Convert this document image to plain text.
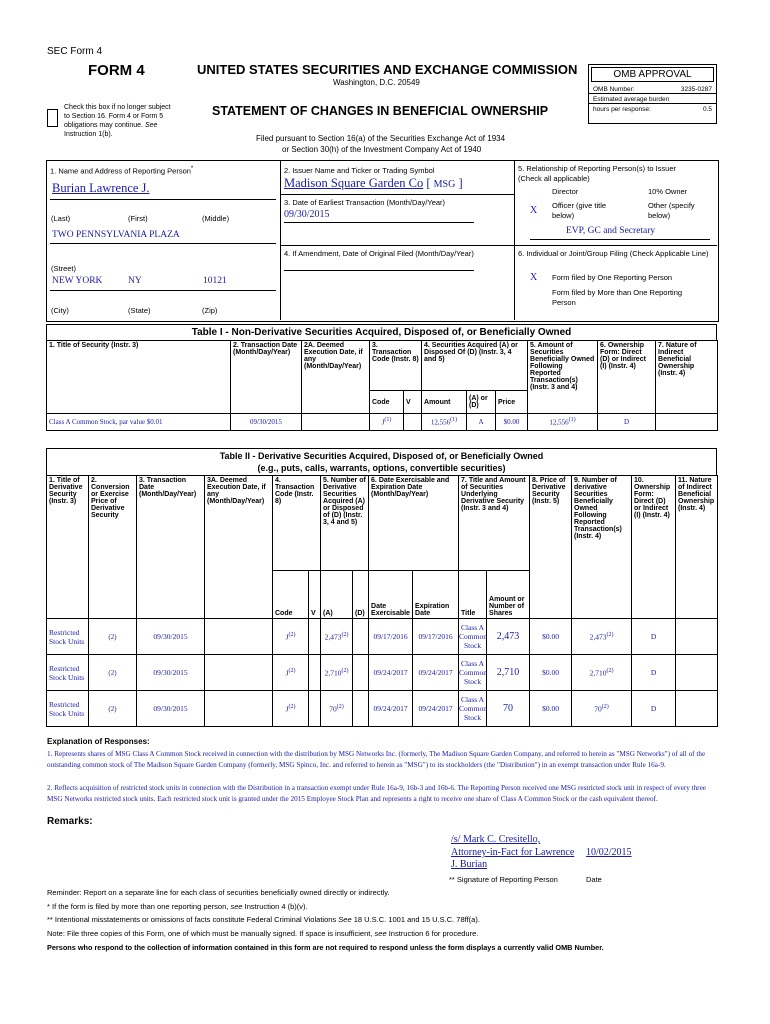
SEC Form 4
FORM 4	UNITED STATES SECURITIES AND EXCHANGE COMMISSION
Washington, D.C. 20549
Check this box if no longer subject
to Section 16. Form 4 or Form 5
obligations may continue. See
Instruction 1(b).
STATEMENT OF CHANGES IN BENEFICIAL OWNERSHIP
Filed pursuant to Section 16(a) of the Securities Exchange Act of 1934
or Section 30(h) of the Investment Company Act of 1940
OMB APPROVAL
OMB Number:	3235-0287
Estimated average burden
hours per response:	0.5
1. Name and Address of Reporting Person*
Burian Lawrence J.
(Last)	(First)	(Middle)
TWO PENNSYLVANIA PLAZA
(Street)
NEW YORK	NY	10121
(City)	(State)	(Zip)
2. Issuer Name and Ticker or Trading Symbol
Madison Square Garden Co [ MSG ]
3. Date of Earliest Transaction (Month/Day/Year)
09/30/2015
4. If Amendment, Date of Original Filed (Month/Day/Year)
5. Relationship of Reporting Person(s) to Issuer
(Check all applicable)
Director	10% Owner
X Officer (give title below)
Other (specify below)
EVP, GC and Secretary
6. Individual or Joint/Group Filing (Check Applicable Line)
X Form filed by One Reporting Person
Form filed by More than One Reporting Person
Table I - Non-Derivative Securities Acquired, Disposed of, or Beneficially Owned
1. Title of Security (Instr. 3)	2. Transaction Date (Month/Day/Year)	2A. Deemed Execution Date, if any (Month/Day/Year)	3. Transaction Code (Instr. 8)		4. Securities Acquired (A) or Disposed Of (D) (Instr. 3, 4 and 5)			5. Amount of Securities Beneficially Owned Following Reported Transaction(s) (Instr. 3 and 4)	6. Ownership Form: Direct (D) or Indirect (I) (Instr. 4)	7. Nature of Indirect Beneficial Ownership (Instr. 4)
			Code	V	Amount	(A) or (D)	Price			
Class A Common Stock, par value $0.01	09/30/2015		$J^{(1)}$		12,556$^{(1)}$	A	$0.00	12,556$^{(1)}$	D	
Table II - Derivative Securities Acquired, Disposed of, or Beneficially Owned
(e.g., puts, calls, warrants, options, convertible securities)
1. Title of Derivative Security (Instr. 3)	2. Conversion or Exercise Price of Derivative Security	3. Transaction Date (Month/Day/Year)	3A. Deemed Execution Date, if any (Month/Day/Year)	4. Transaction Code (Instr. 8)		5. Number of Derivative Securities Acquired (A) or Disposed of (D) (Instr. 3, 4 and 5)		6. Date Exercisable and Expiration Date (Month/Day/Year)		7. Title and Amount of Securities Underlying Derivative Security (Instr. 3 and 4)		8. Price of Derivative Security (Instr. 5)	9. Number of derivative Securities Beneficially Owned Following Reported Transaction(s) (Instr. 4)	10. Ownership Form: Direct (D) or Indirect (I) (Instr. 4)	11. Nature of Indirect Beneficial Ownership (Instr. 4)
				Code	V	(A)	(D)	Date Exercisable	Expiration Date	Title	Amount or Number of Shares				
Restricted Stock Units	(2)	09/30/2015		$J^{(2)}$		2,473$^{(2)}$		09/17/2016	09/17/2016	Class A Common Stock	2,473	$0.00	2,473$^{(2)}$	D	
Restricted Stock Units	(2)	09/30/2015		$J^{(2)}$		2,710$^{(2)}$		09/24/2017	09/24/2017	Class A Common Stock	2,710	$0.00	2,710$^{(2)}$	D	
Restricted Stock Units	(2)	09/30/2015		$J^{(2)}$		70$^{(2)}$		09/24/2017	09/24/2017	Class A Common Stock	70	$0.00	70$^{(2)}$	D	
Explanation of Responses:
1. Represents shares of MSG Class A Common Stock received in connection with the distribution by MSG Networks Inc. (formerly, The Madison Square Garden Company, and referred to herein as "MSG Networks") of all of the outstanding common stock of The Madison Square Garden Company (formerly, MSG Spinco, Inc. and referred to herein as "MSG") to its stockholders (the "Distribution") in an exempt transaction under Rule 16a-9.
2. Reflects acquisition of restricted stock units in connection with the Distribution in a transaction exempt under Rule 16a-9, 16b-3 and 16b-6. The Reporting Person received one MSG restricted stock unit in respect of every three MSG Networks restricted stock units. Each restricted stock unit is granted under the 2015 Employee Stock Plan and represents a right to receive one share of Class A Common Stock or the cash equivalent thereof.
Remarks:
/s/ Mark C. Cresitello,
Attorney-in-Fact for Lawrence 10/02/2015
J. Burian
** Signature of Reporting Person	Date
Reminder: Report on a separate line for each class of securities beneficially owned directly or indirectly.
* If the form is filed by more than one reporting person, see Instruction 4 (b)(v).
** Intentional misstatements or omissions of facts constitute Federal Criminal Violations See 18 U.S.C. 1001 and 15 U.S.C. 78ff(a).
Note: File three copies of this Form, one of which must be manually signed. If space is insufficient, see Instruction 6 for procedure.
Persons who respond to the collection of information contained in this form are not required to respond unless the form displays a currently valid OMB Number.
